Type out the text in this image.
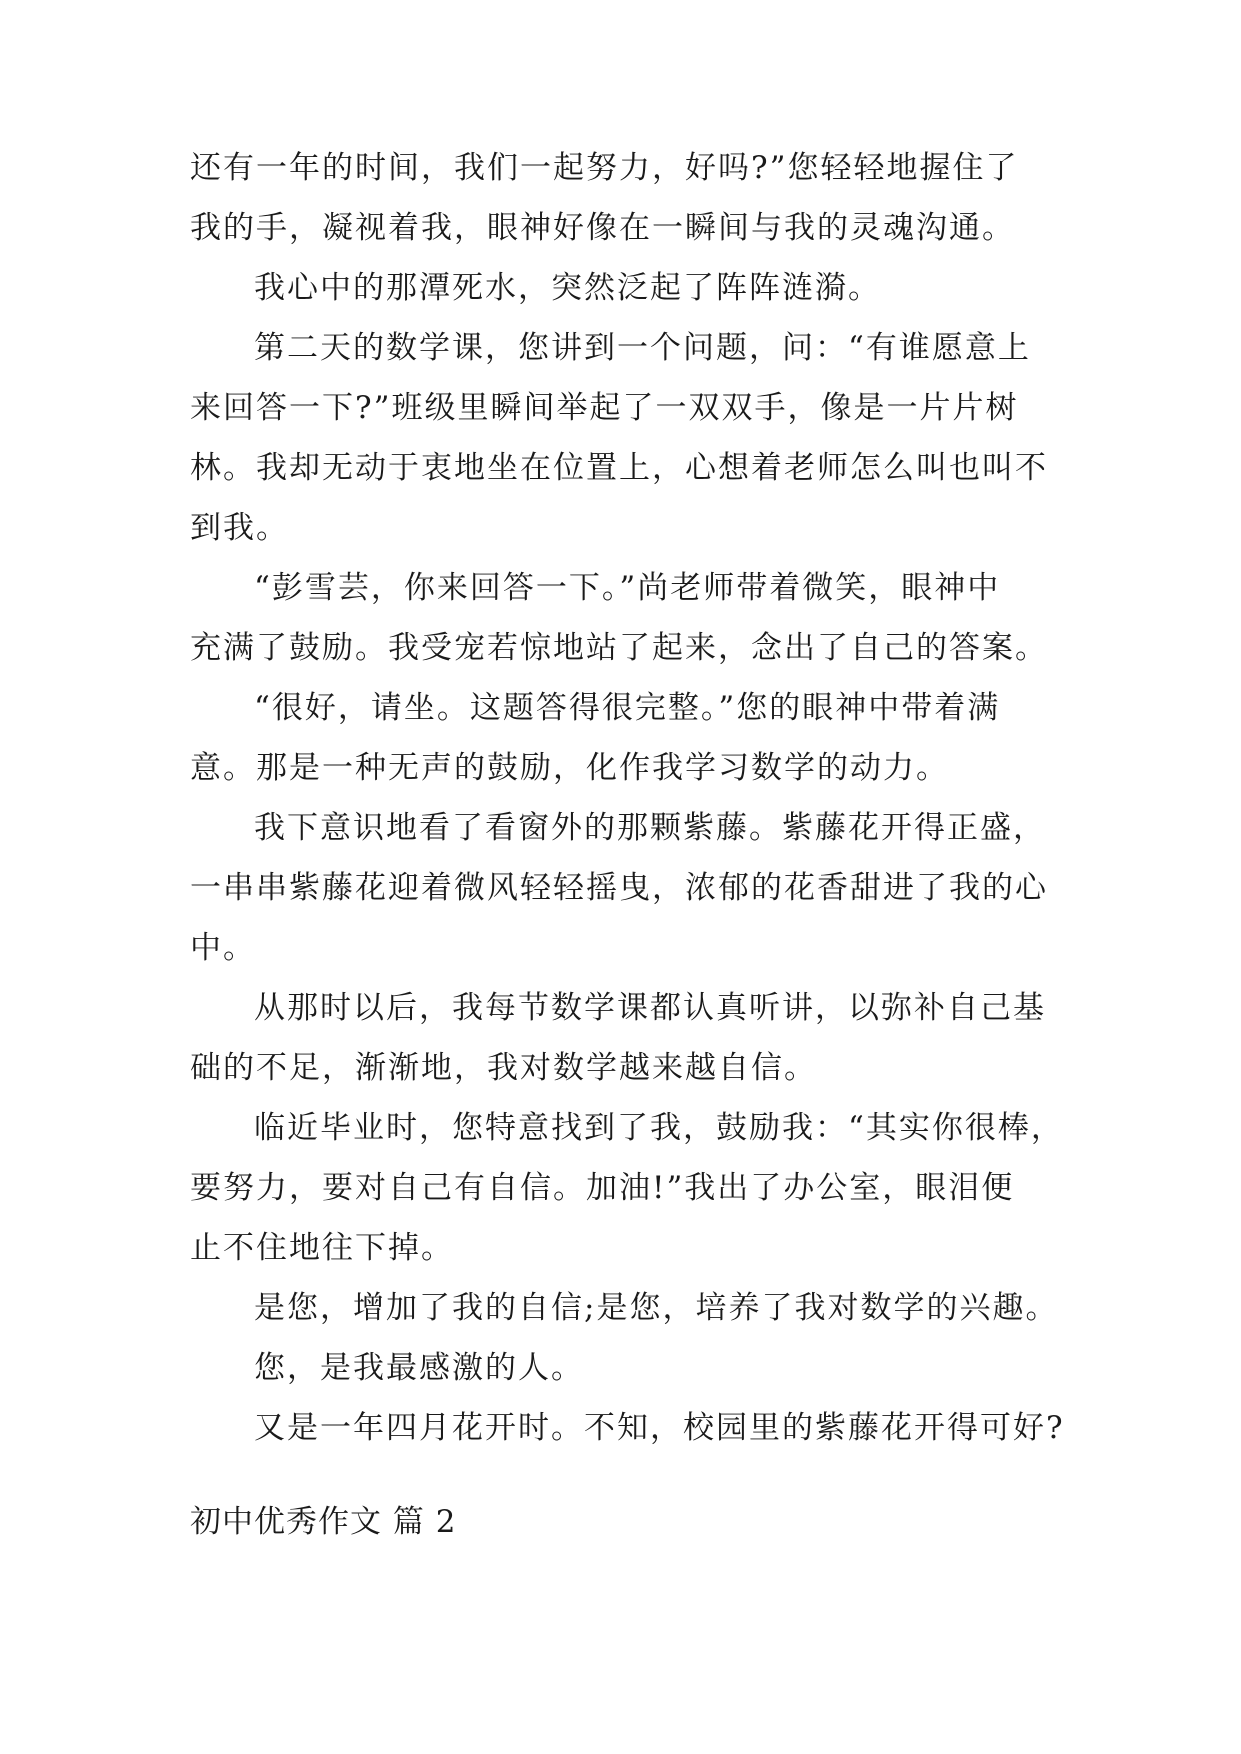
还有一年的时间，我们一起努力，好吗?”您轻轻地握住了
我的手，凝视着我，眼神好像在一瞬间与我的灵魂沟通。
我心中的那潭死水，突然泛起了阵阵涟漪。
第二天的数学课，您讲到一个问题，问：“有谁愿意上
来回答一下?”班级里瞬间举起了一双双手，像是一片片树
林。我却无动于衷地坐在位置上，心想着老师怎么叫也叫不
到我。
“彭雪芸，你来回答一下。”尚老师带着微笑，眼神中
充满了鼓励。我受宠若惊地站了起来，念出了自己的答案。
“很好，请坐。这题答得很完整。”您的眼神中带着满
意。那是一种无声的鼓励，化作我学习数学的动力。
我下意识地看了看窗外的那颗紫藤。紫藤花开得正盛，
一串串紫藤花迎着微风轻轻摇曳，浓郁的花香甜进了我的心
中。
从那时以后，我每节数学课都认真听讲，以弥补自己基
础的不足，渐渐地，我对数学越来越自信。
临近毕业时，您特意找到了我，鼓励我：“其实你很棒，
要努力，要对自己有自信。加油!”我出了办公室，眼泪便
止不住地往下掉。
是您，增加了我的自信;是您，培养了我对数学的兴趣。
您，是我最感激的人。
又是一年四月花开时。不知，校园里的紫藤花开得可好?
初中优秀作文 篇 2
